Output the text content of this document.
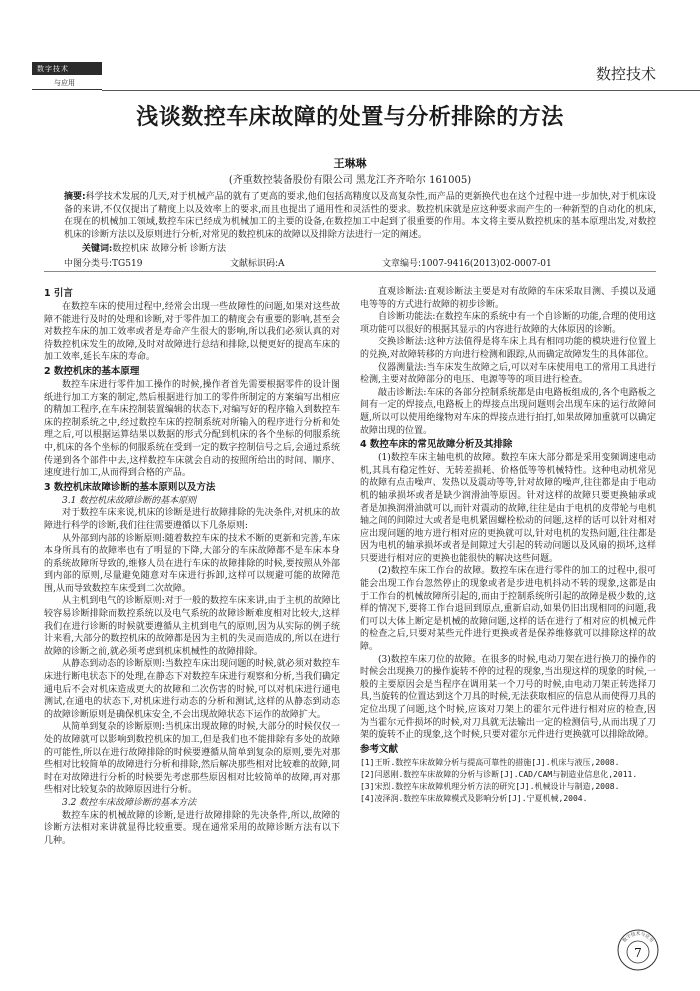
数字技术
与应用	数控技术
浅谈数控车床故障的处置与分析排除的方法
王琳琳
(齐重数控装备股份有限公司 黑龙江齐齐哈尔 161005)
摘要:科学技术发展的几天,对于机械产品的就有了更高的要求,他们包括高精度以及高复杂性,而产品的更新换代也在这个过程中进一步加快,对于机床设备的来讲,不仅仅提出了精度上以及效率上的要求,而且也提出了通用性和灵活性的要求。数控机床就是应这种要求而产生的一种新型的自动化的机床,在现在的机械加工领域,数控车床已经成为机械加工的主要的设备,在数控加工中起到了很重要的作用。本文将主要从数控机床的基本原理出发,对数控机床的诊断方法以及原则进行分析,对常见的数控机床的故障以及排除方法进行一定的阐述。
关键词:数控机床 故障分析 诊断方法
中图分类号:TG519	文献标识码:A	文章编号:1007-9416(2013)02-0007-01
1 引言

在数控车床的使用过程中,经常会出现一些故障性的问题,如果对这些故障不能进行及时的处理和诊断,对于零件加工的精度会有重要的影响,甚至会对数控车床的加工效率或者是寿命产生很大的影响,所以我们必须认真的对待数控机床发生的故障,及时对故障进行总结和排除,以便更好的提高车床的加工效率,延长车床的寿命。

2 数控机床的基本原理

数控车床进行零件加工操作的时候,操作者首先需要根据零件的设计图纸进行加工方案的制定,然后根据进行加工的零件所制定的方案编写出相应的精加工程序,在车床控制装置编辑的状态下,对编写好的程序输入到数控车床的控制系统之中,经过数控车床的控制系统对所输入的程序进行分析和处理之后,可以根据运算结果以数据的形式分配到机床的各个坐标的伺服系统中,机床的各个坐标的伺服系统在受到一定的数字控制信号之后,会通过系统传递到各个部件中去,这样数控车床就会自动的按照所给出的时间、顺序、速度进行加工,从而得到合格的产品。

3 数控机床故障诊断的基本原则以及方法
3.1 数控机床故障诊断的基本原则

对于数控车床来说,机床的诊断是进行故障排除的先决条件,对机床的故障进行科学的诊断,我们往往需要遵循以下几条原则:

从外部到内部的诊断原则:随着数控车床的技术不断的更新和完善,车床本身所具有的故障率也有了明显的下降,大部分的车床故障都不是车床本身的系统故障所导致的,维修人员在进行车床的故障排除的时候,要按照从外部到内部的原则,尽量避免随意对车床进行拆卸,这样可以规避可能的故障范围,从而导致数控车床受到二次故障。

从主机到电气的诊断原则:对于一般的数控车床来讲,由于主机的故障比较容易诊断排除而数控系统以及电气系统的故障诊断难度相对比较大,这样我们在进行诊断的时候就要遵循从主机到电气的原则,因为从实际的例子统计来看,大部分的数控机床的故障都是因为主机的失灵而造成的,所以在进行故障的诊断之前,就必须考虑到机床机械性的故障排除。

从静态到动态的诊断原则:当数控车床出现问题的时候,就必须对数控车床进行断电状态下的处理,在静态下对数控车床进行观察和分析,当我们确定通电后不会对机床造成更大的故障和二次伤害的时候,可以对机床进行通电测试,在通电的状态下,对机床进行动态的分析和测试,这样的从静态到动态的故障诊断原则是确保机床安全,不会出现故障状态下运作的故障扩大。

从简单到复杂的诊断原则:当机床出现故障的时候,大部分的时候仅仅一处的故障就可以影响到数控机床的加工,但是我们也不能排除有多处的故障的可能性,所以在进行故障排除的时候要遵循从简单到复杂的原则,要先对那些相对比较简单的故障进行分析和排除,然后解决那些相对比较难的故障,同时在对故障进行分析的时候要先考虑那些原因相对比较简单的故障,再对那些相对比较复杂的故障原因进行分析。

3.2 数控车床故障诊断的基本方法

数控车床的机械故障的诊断,是进行故障排除的先决条件,所以,故障的诊断方法相对来讲就显得比较重要。现在通常采用的故障诊断方法有以下几种。

直观诊断法:直观诊断法主要是对有故障的车床采取目测、手摸以及通电等等的方式进行故障的初步诊断。

自诊断功能法:在数控车床的系统中有一个自诊断的功能,合理的使用这项功能可以很好的根据其显示的内容进行故障的大体原因的诊断。

交换诊断法:这种方法值得是将车床上具有相同功能的模块进行位置上的兑换,对故障转移的方向进行检测和跟踪,从而确定故障发生的具体部位。

仪器测量法:当车床发生故障之后,可以对车床使用电工的常用工具进行检测,主要对故障部分的电压、电源等等的项目进行检查。

敲击诊断法:车床的各部分控制系统都是由电路板组成的,各个电路板之间有一定的焊接点,电路板上的焊接点出现问题则会出现车床的运行故障问题,所以可以使用绝缘物对车床的焊接点进行拍打,如果故障加重就可以确定故障出现的位置。

4 数控车床的常见故障分析及其排除

(1)数控车床主轴电机的故障。数控车床大部分都是采用变频调速电动机,其具有稳定性好、无转差损耗、价格低等等机械特性。这种电动机常见的故障有点击噪声、发热以及震动等等,针对故障的噪声,往往都是由于电动机的轴承损坏或者是缺少润滑油等原因。针对这样的故障只要更换轴承或者是加换润滑油就可以,而针对震动的故障,往往是由于电机的皮带轮与电机轴之间的间隙过大或者是电机紧固螺栓松动的问题,这样的话可以针对相对应出现问题的地方进行相对应的更换就可以,针对电机的发热问题,往往都是因为电机的轴承损坏或者是间隙过大引起的转动问题以及风扇的损坏,这样只要进行相对应的更换也能很快的解决这些问题。

(2)数控车床工作台的故障。数控车床在进行零件的加工的过程中,很可能会出现工作台忽然停止的现象或者是步进电机抖动不转的现象,这都是由于工作台的机械故障所引起的,而由于控制系统所引起的故障是极少数的,这样的情况下,要将工作台退回到原点,重新启动,如果仍旧出现相同的问题,我们可以大体上断定是机械的故障问题,这样的话在进行了相对应的机械元件的检查之后,只要对某些元件进行更换或者是保养维修就可以排除这样的故障。

(3)数控车床刀位的故障。在很多的时候,电动刀架在进行换刀的操作的时候会出现换刀的操作旋转不停的过程的现象,当出现这样的现象的时候,一般的主要原因会是当程序在调用某一个刀号的时候,由电动刀架正转选择刀具,当旋转的位置达到这个刀具的时候,无法获取相应的信息从而使得刀具的定位出现了问题,这个时候,应该对刀架上的霍尔元件进行相对应的检查,因为当霍尔元件损坏的时候,对刀具就无法输出一定的检测信号,从而出现了刀架的旋转不止的现象,这个时候,只要对霍尔元件进行更换就可以排除故障。

参考文献

[1]王昕.数控车床故障分析与提高可靠性的措施[J].机床与液压,2008.

[2]闫恩刚.数控车床故障的分析与诊断[J].CAD/CAM与制造业信息化,2011.

[3]宋烈.数控车床故障机理分析方法的研究[J].机械设计与制造,2008.

[4]凌泽润.数控车床故障模式及影响分析[J].宁夏机械,2004.

数字技术与应用
7
